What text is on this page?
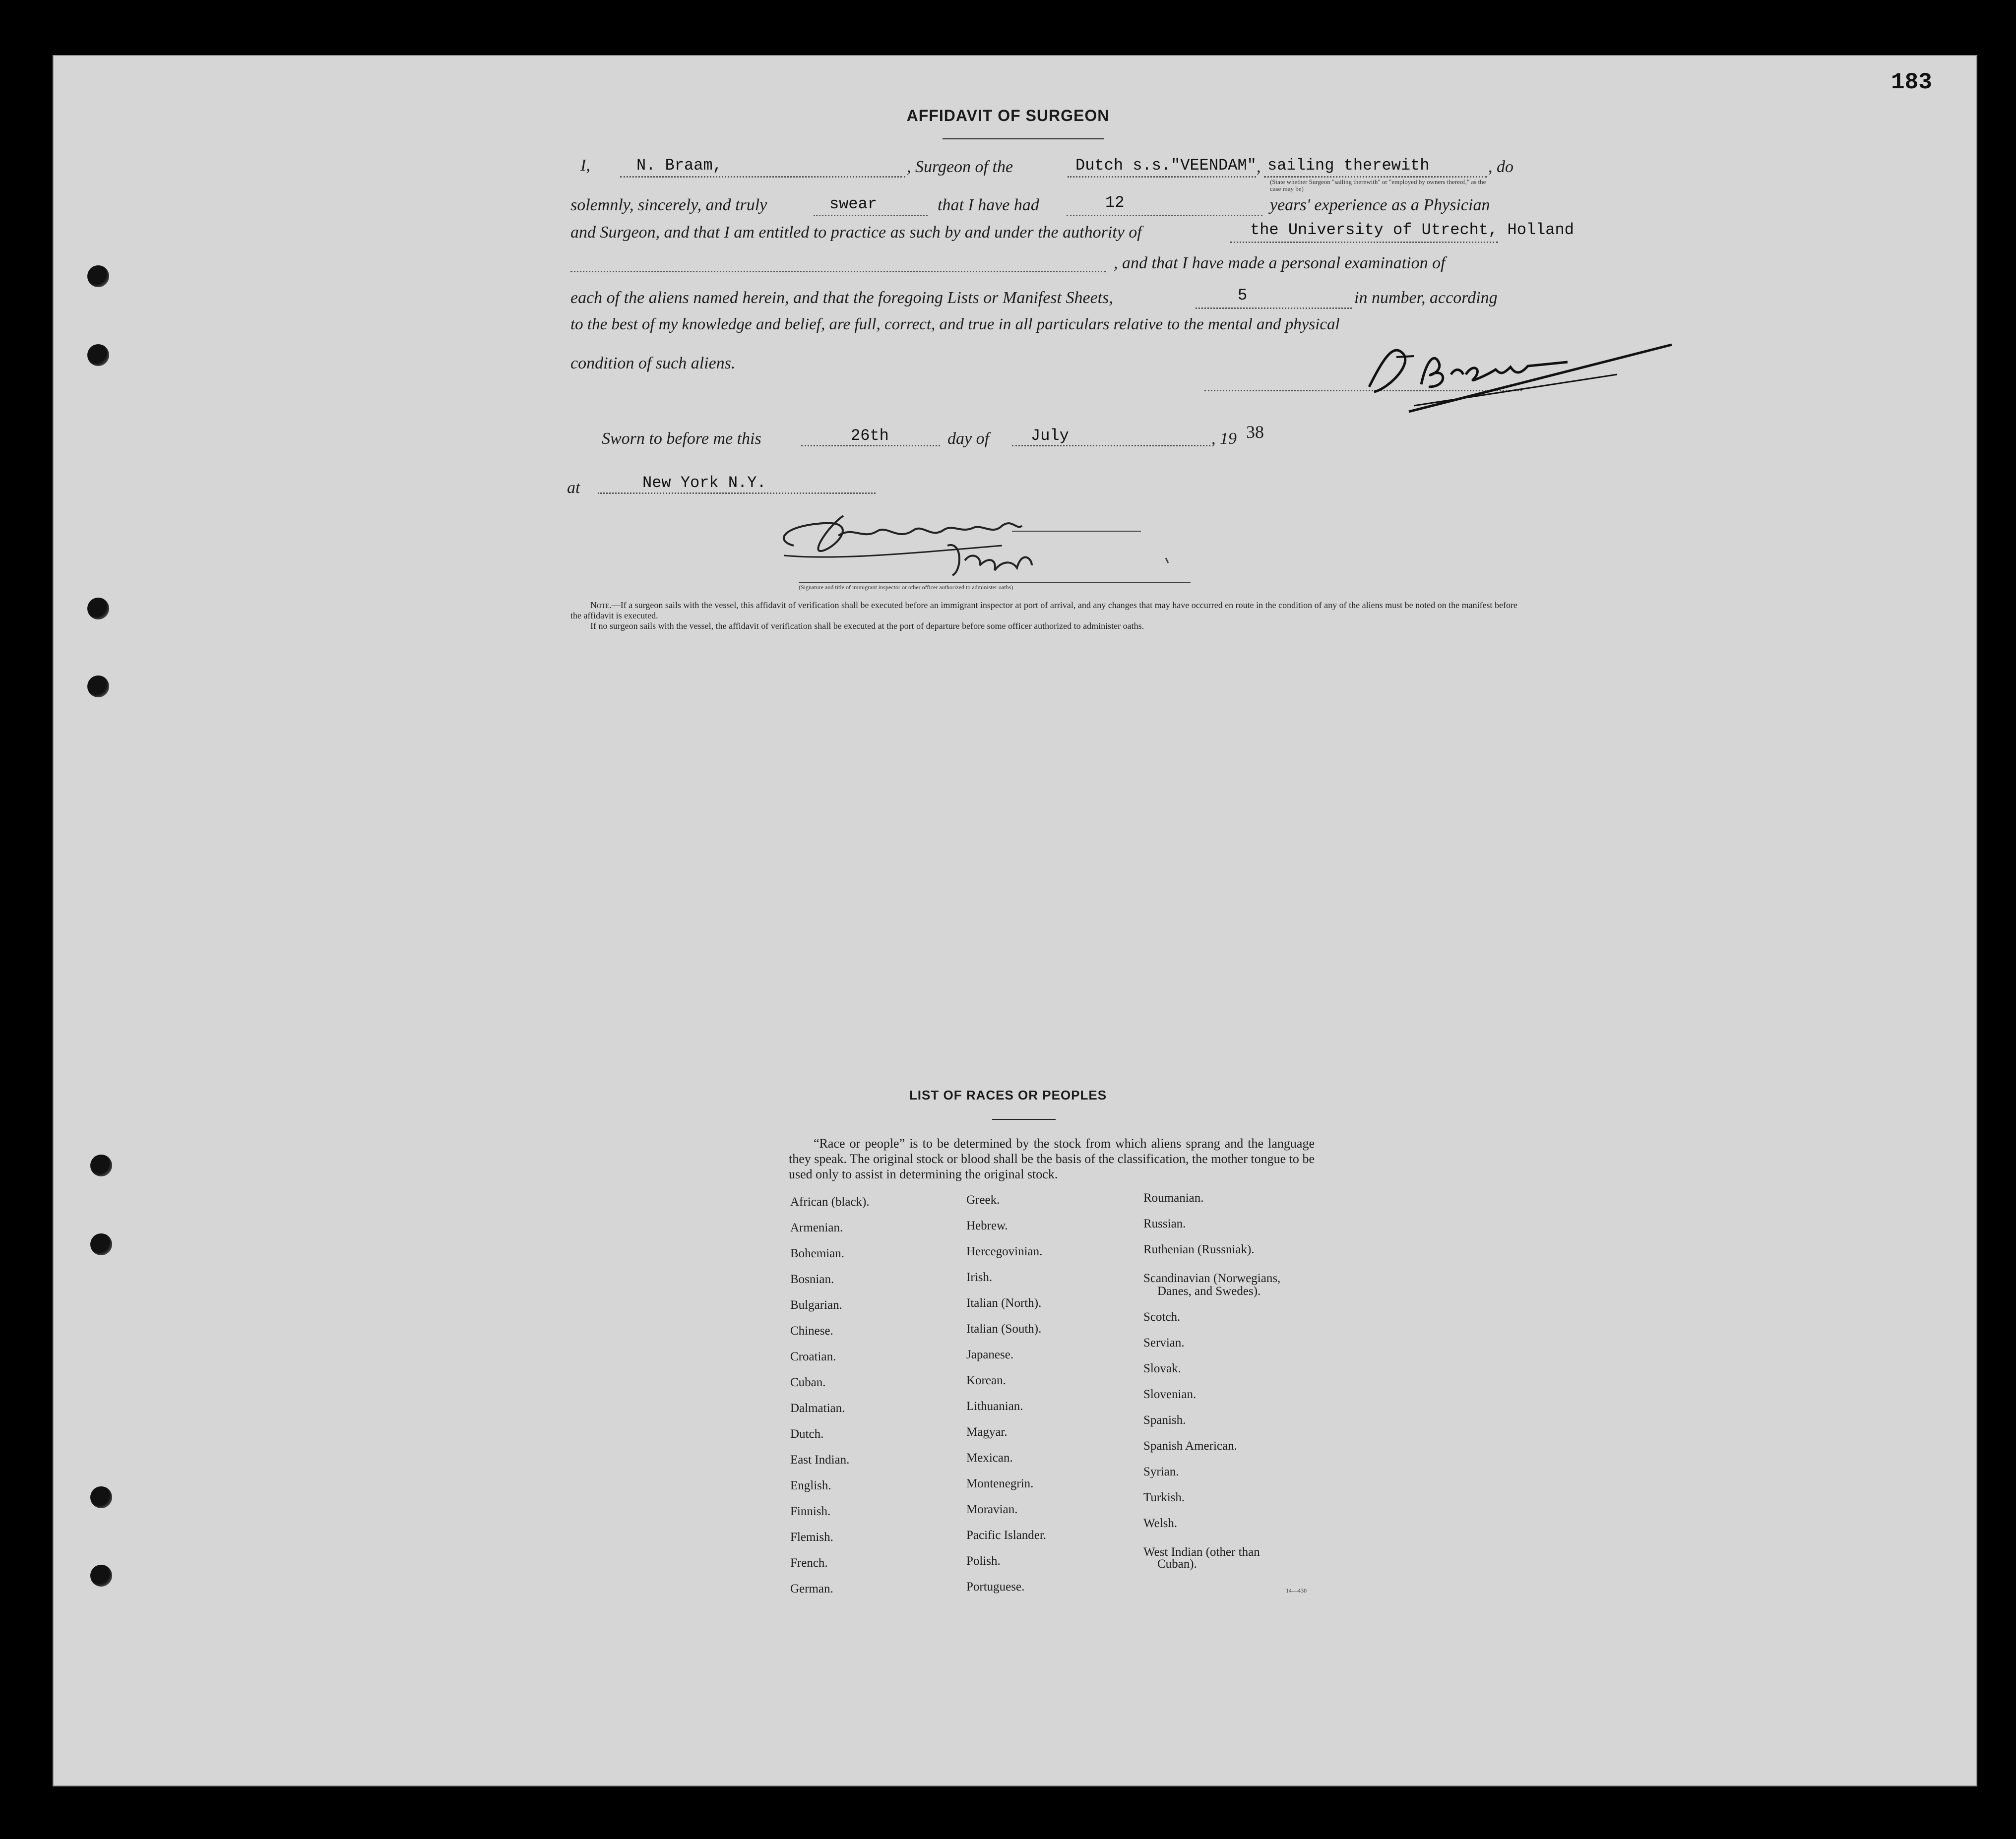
183
AFFIDAVIT OF SURGEON
I,	N. Braam,	, Surgeon of the	Dutch s.s."VEENDAM" , sailing therewith
(State whether Surgeon "sailing therewith" or "employed by owners thereof," as the case may be)
, do
solemnly, sincerely, and truly	swear	that I have had	12	years' experience as a Physician
and Surgeon, and that I am entitled to practice as such by and under the authority of	the University of Utrecht, Holland
, and that I have made a personal examination of
each of the aliens named herein, and that the foregoing Lists or Manifest Sheets,	5	in number, according
to the best of my knowledge and belief, are full, correct, and true in all particulars relative to the mental and physical
condition of such aliens.
Sworn to before me this	26th	day of	July	, 19 38
at	New York N.Y.
(Signature and title of immigrant inspector or other officer authorized to administer oaths)

Note.—If a surgeon sails with the vessel, this affidavit of verification shall be executed before an immigrant inspector at port of arrival, and any changes that may have occurred en route in the condition of any of the aliens must be noted on the manifest before the affidavit is executed.

If no surgeon sails with the vessel, the affidavit of verification shall be executed at the port of departure before some officer authorized to administer oaths.

LIST OF RACES OR PEOPLES
“Race or people” is to be determined by the stock from which aliens sprang and the language they speak. The original stock or blood shall be the basis of the classification, the mother tongue to be used only to assist in determining the original stock.
African (black).
Armenian.
Bohemian.
Bosnian.
Bulgarian.
Chinese.
Croatian.
Cuban.
Dalmatian.
Dutch.
East Indian.
English.
Finnish.
Flemish.
French.
German.
Greek.
Hebrew.
Hercegovinian.
Irish.
Italian (North).
Italian (South).
Japanese.
Korean.
Lithuanian.
Magyar.
Mexican.
Montenegrin.
Moravian.
Pacific Islander.
Polish.
Portuguese.
Roumanian.
Russian.
Ruthenian (Russniak).
Scandinavian (Norwegians,
Danes, and Swedes).
Scotch.
Servian.
Slovak.
Slovenian.
Spanish.
Spanish American.
Syrian.
Turkish.
Welsh.
West Indian (other than
Cuban).
14—430
